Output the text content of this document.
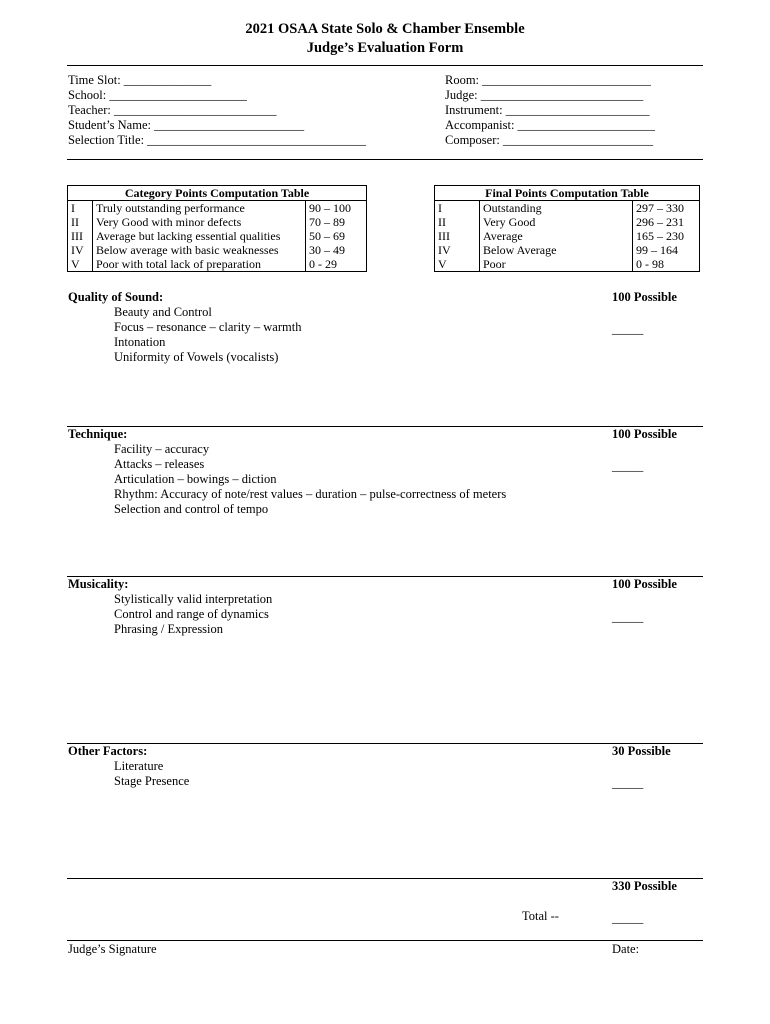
2021 OSAA State Solo & Chamber Ensemble
Judge’s Evaluation Form
Time Slot: ______________
School: ______________________
Teacher: __________________________
Student’s Name: ________________________
Selection Title: ___________________________________
Room: ___________________________
Judge: __________________________
Instrument: _______________________
Accompanist: ______________________
Composer: ________________________
Category Points Computation Table		
I	Truly outstanding performance	90 – 100
II	Very Good with minor defects	70 – 89
III	Average but lacking essential qualities	50 – 69
IV	Below average with basic weaknesses	30 – 49
V	Poor with total lack of preparation	0 - 29
Final Points Computation Table		
I	Outstanding	297 – 330
II	Very Good	296 – 231
III	Average	165 – 230
IV	Below Average	99 – 164
V	Poor	0 - 98
Quality of Sound:	100 Possible
Beauty and Control
Focus – resonance – clarity – warmth	_____
Intonation
Uniformity of Vowels (vocalists)
Technique:	100 Possible
Facility – accuracy
Attacks – releases	_____
Articulation – bowings – diction
Rhythm: Accuracy of note/rest values – duration – pulse-correctness of meters
Selection and control of tempo
Musicality:	100 Possible
Stylistically valid interpretation
Control and range of dynamics	_____
Phrasing / Expression
Other Factors:	30 Possible
Literature
Stage Presence	_____
330 Possible
Total --	_____
Judge’s Signature	Date:
